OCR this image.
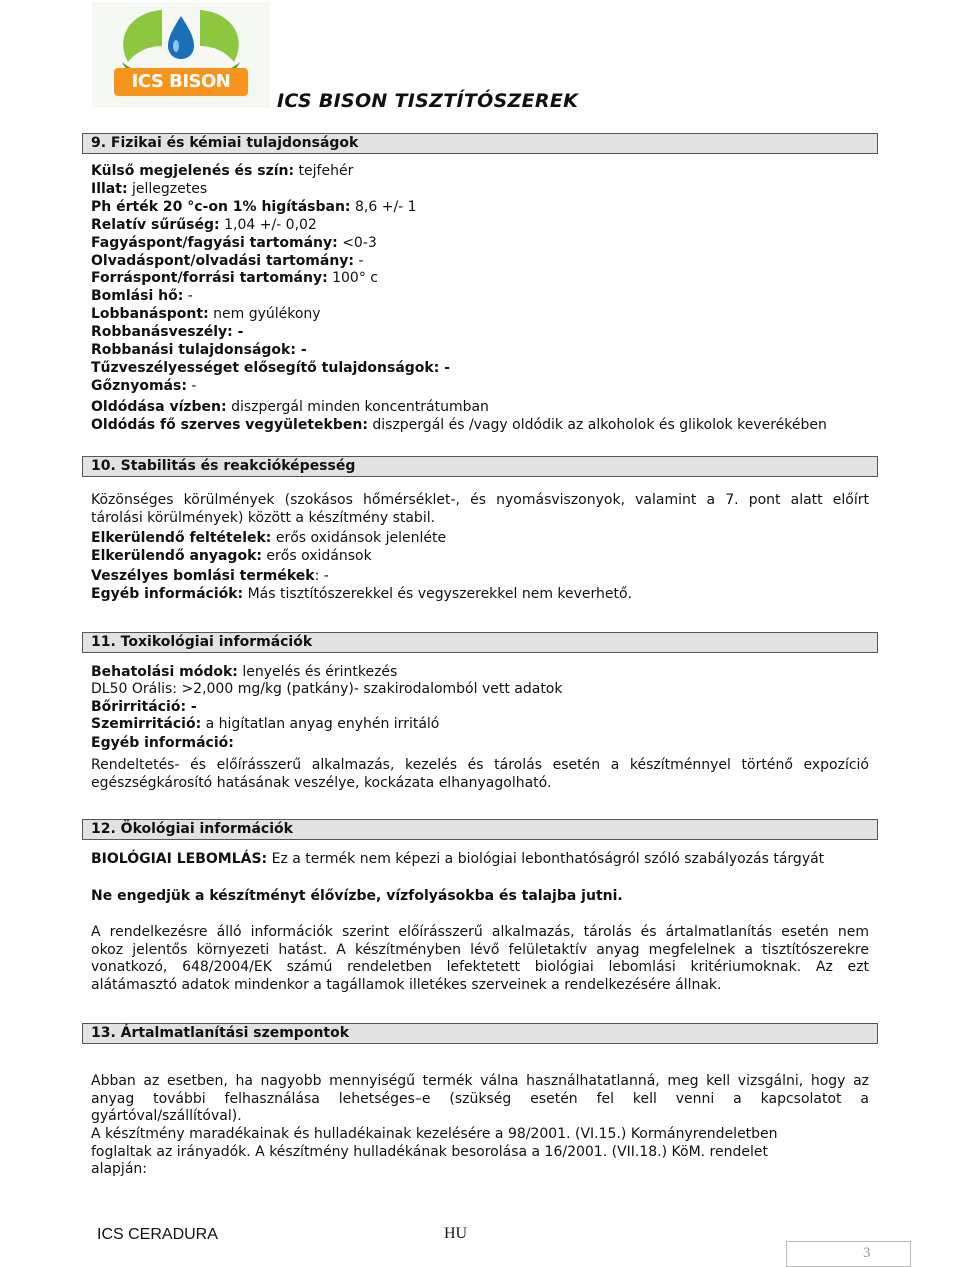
ICS BISON
ICS BISON TISZTÍTÓSZEREK
9. Fizikai és kémiai tulajdonságok
Külső megjelenés és szín: tejfehér
Illat: jellegzetes
Ph érték 20 °c-on 1% higításban: 8,6 +/- 1
Relatív sűrűség: 1,04 +/- 0,02
Fagyáspont/fagyási tartomány: <0-3
Olvadáspont/olvadási tartomány: -
Forráspont/forrási tartomány: 100° c
Bomlási hő: -
Lobbanáspont: nem gyúlékony
Robbanásveszély: -
Robbanási tulajdonságok: -
Tűzveszélyességet elősegítő tulajdonságok: -
Gőznyomás: -
Oldódása vízben: diszpergál minden koncentrátumban
Oldódás fő szerves vegyületekben: diszpergál és /vagy oldódik az alkoholok és glikolok keverékében
10. Stabilitás és reakcióképesség
Közönséges körülmények (szokásos hőmérséklet-, és nyomásviszonyok, valamint a 7. pont alatt előírt
tárolási körülmények) között a készítmény stabil.
Elkerülendő feltételek: erős oxidánsok jelenléte
Elkerülendő anyagok: erős oxidánsok
Veszélyes bomlási termékek: -
Egyéb információk: Más tisztítószerekkel és vegyszerekkel nem keverhető.
11. Toxikológiai információk
Behatolási módok: lenyelés és érintkezés
DL50 Orális: >2,000 mg/kg (patkány)- szakirodalomból vett adatok
Bőrirritáció: -
Szemirritáció: a higítatlan anyag enyhén irritáló
Egyéb információ:
Rendeltetés- és előírásszerű alkalmazás, kezelés és tárolás esetén a készítménnyel történő expozíció
egészségkárosító hatásának veszélye, kockázata elhanyagolható.
12. Ökológiai információk
BIOLÓGIAI LEBOMLÁS: Ez a termék nem képezi a biológiai lebonthatóságról szóló szabályozás tárgyát
Ne engedjük a készítményt élővízbe, vízfolyásokba és talajba jutni.
A rendelkezésre álló információk szerint előírásszerű alkalmazás, tárolás és ártalmatlanítás esetén nem
okoz jelentős környezeti hatást. A készítményben lévő felületaktív anyag megfelelnek a tisztítószerekre
vonatkozó, 648/2004/EK számú rendeletben lefektetett biológiai lebomlási kritériumoknak. Az ezt
alátámasztó adatok mindenkor a tagállamok illetékes szerveinek a rendelkezésére állnak.
13. Ártalmatlanítási szempontok
Abban az esetben, ha nagyobb mennyiségű termék válna használhatatlanná, meg kell vizsgálni, hogy az
anyag további felhasználása lehetséges–e (szükség esetén fel kell venni a kapcsolatot a
gyártóval/szállítóval).
A készítmény maradékainak és hulladékainak kezelésére a 98/2001. (VI.15.) Kormányrendeletben
foglaltak az irányadók. A készítmény hulladékának besorolása a 16/2001. (VII.18.) KöM. rendelet
alapján:
ICS CERADURA	HU
3
